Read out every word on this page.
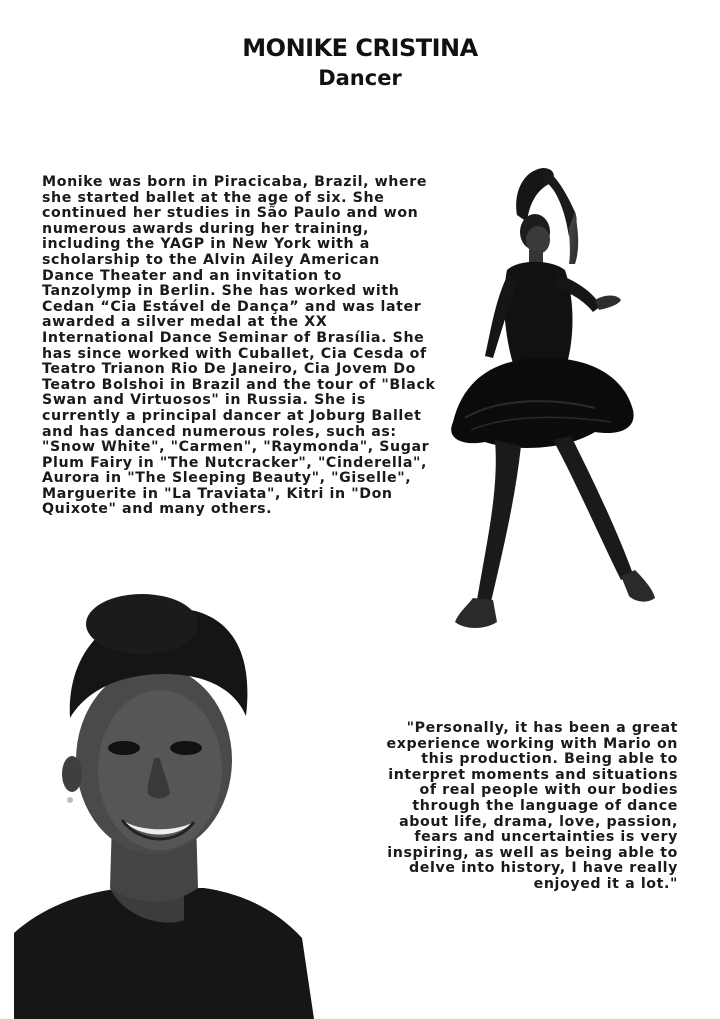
MONIKE CRISTINA
Dancer
Monike was born in Piracicaba, Brazil, where she started ballet at the age of six. She continued her studies in São Paulo and won numerous awards during her training, including the YAGP in New York with a scholarship to the Alvin Ailey American Dance Theater and an invitation to Tanzolymp in Berlin. She has worked with Cedan “Cia Estável de Dança” and was later awarded a silver medal at the XX International Dance Seminar of Brasília. She has since worked with Cuballet, Cia Cesda of Teatro Trianon Rio De Janeiro, Cia Jovem Do Teatro Bolshoi in Brazil and the tour of "Black Swan and Virtuosos" in Russia. She is currently a principal dancer at Joburg Ballet and has danced numerous roles, such as: "Snow White", "Carmen", "Raymonda", Sugar Plum Fairy in "The Nutcracker", "Cinderella", Aurora in "The Sleeping Beauty", "Giselle", Marguerite in "La Traviata", Kitri in "Don Quixote" and many others.
"Personally, it has been a great experience working with Mario on this production. Being able to interpret moments and situations of real people with our bodies through the language of dance about life, drama, love, passion, fears and uncertainties is very inspiring, as well as being able to delve into history, I have really enjoyed it a lot."
